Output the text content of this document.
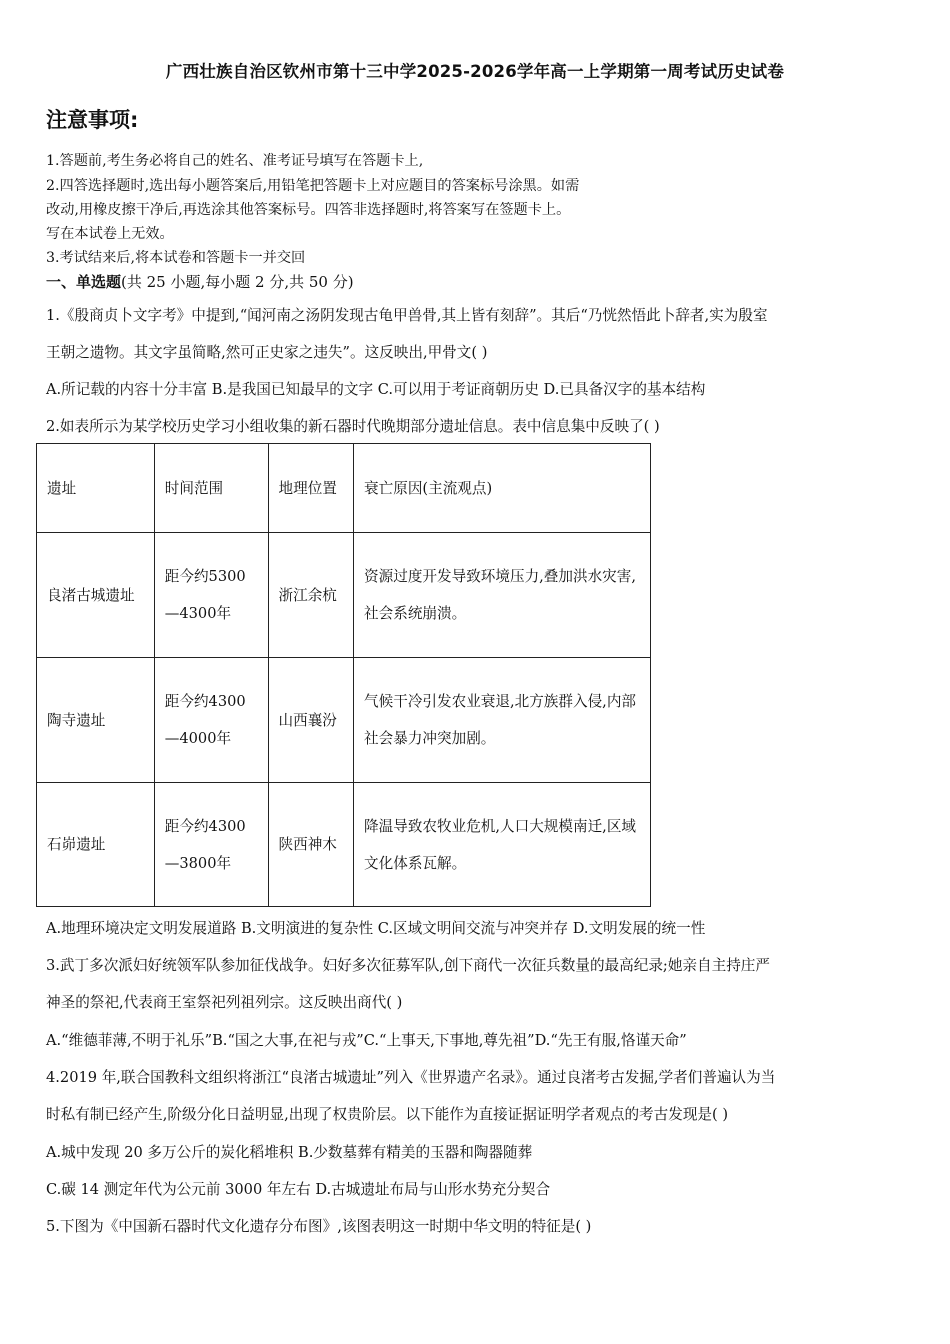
广西壮族自治区钦州市第十三中学2025-2026学年高一上学期第一周考试历史试卷
注意事项:
1.答题前,考生务必将自己的姓名、准考证号填写在答题卡上,
2.四答选择题时,选出每小题答案后,用铅笔把答题卡上对应题目的答案标号涂黑。如需
改动,用橡皮擦干净后,再选涂其他答案标号。四答非选择题时,将答案写在签题卡上。
写在本试卷上无效。
3.考试结来后,将本试卷和答题卡一并交回
一、单选题(共 25 小题,每小题 2 分,共 50 分)
1.《殷商贞卜文字考》中提到,“闻河南之汤阴发现古龟甲兽骨,其上皆有刻辞”。其后“乃恍然悟此卜辞者,实为殷室
王朝之遗物。其文字虽简略,然可正史家之违失”。这反映出,甲骨文( )
A.所记载的内容十分丰富 B.是我国已知最早的文字 C.可以用于考证商朝历史 D.已具备汉字的基本结构
2.如表所示为某学校历史学习小组收集的新石器时代晚期部分遗址信息。表中信息集中反映了( )
遗址	时间范围	地理位置	衰亡原因(主流观点)
良渚古城遗址	距今约5300—4300年	浙江余杭	资源过度开发导致环境压力,叠加洪水灾害,社会系统崩溃。
陶寺遗址	距今约4300—4000年	山西襄汾	气候干冷引发农业衰退,北方族群入侵,内部社会暴力冲突加剧。
石峁遗址	距今约4300—3800年	陕西神木	降温导致农牧业危机,人口大规模南迁,区域文化体系瓦解。
A.地理环境决定文明发展道路 B.文明演进的复杂性 C.区域文明间交流与冲突并存 D.文明发展的统一性
3.武丁多次派妇好统领军队参加征伐战争。妇好多次征募军队,创下商代一次征兵数量的最高纪录;她亲自主持庄严
神圣的祭祀,代表商王室祭祀列祖列宗。这反映出商代( )
A.“维德菲薄,不明于礼乐”B.“国之大事,在祀与戎”C.“上事天,下事地,尊先祖”D.“先王有服,恪谨天命”
4.2019 年,联合国教科文组织将浙江“良渚古城遗址”列入《世界遗产名录》。通过良渚考古发掘,学者们普遍认为当
时私有制已经产生,阶级分化日益明显,出现了权贵阶层。以下能作为直接证据证明学者观点的考古发现是( )
A.城中发现 20 多万公斤的炭化稻堆积 B.少数墓葬有精美的玉器和陶器随葬
C.碳 14 测定年代为公元前 3000 年左右 D.古城遗址布局与山形水势充分契合
5.下图为《中国新石器时代文化遗存分布图》,该图表明这一时期中华文明的特征是( )
